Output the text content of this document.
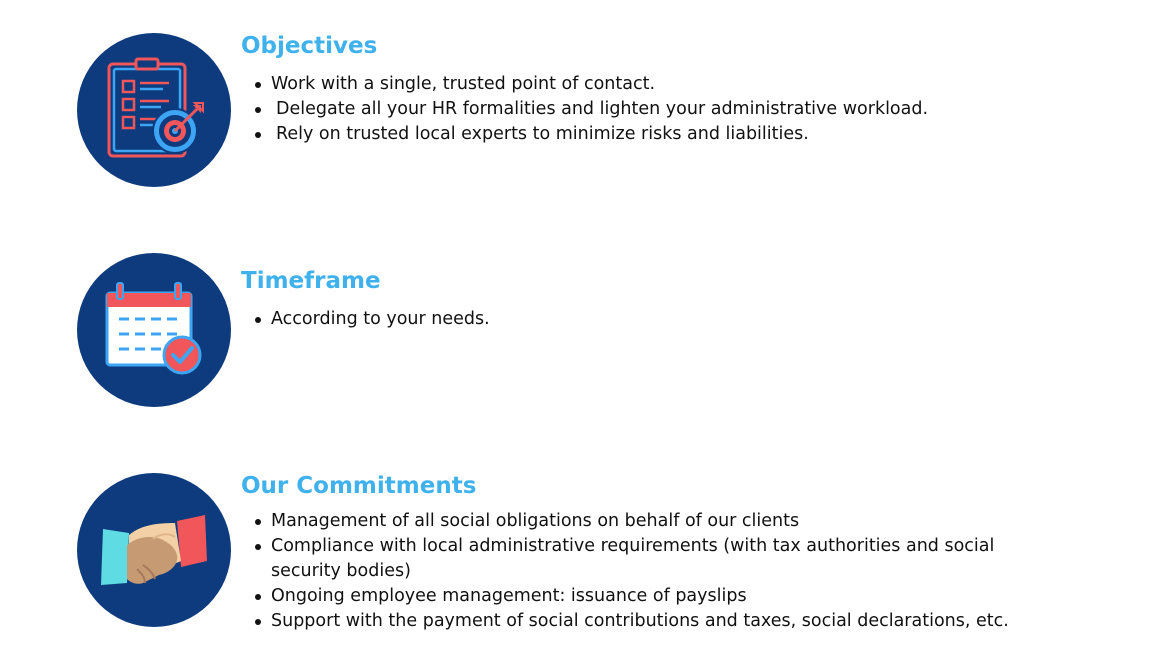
Objectives
Work with a single, trusted point of contact.
Delegate all your HR formalities and lighten your administrative workload.
Rely on trusted local experts to minimize risks and liabilities.
Timeframe
According to your needs.
Our Commitments
Management of all social obligations on behalf of our clients
Compliance with local administrative requirements (with tax authorities and social security bodies)
Ongoing employee management: issuance of payslips
Support with the payment of social contributions and taxes, social declarations, etc.
